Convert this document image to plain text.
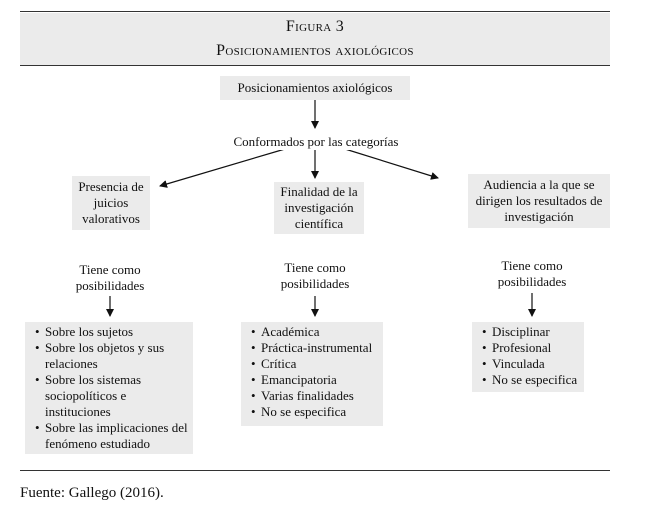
Figura 3
Posicionamientos axiológicos
Posicionamientos axiológicos
Conformados por las categorías
Presencia de juicios valorativos
Finalidad de la investigación científica
Audiencia a la que se dirigen los resultados de investigación
Tiene como posibilidades
Tiene como posibilidades
Tiene como posibilidades
• Sobre los sujetos
• Sobre los objetos y sus relaciones
• Sobre los sistemas sociopolíticos e instituciones
• Sobre las implicaciones del fenómeno estudiado
• Académica
• Práctica-instrumental
• Crítica
• Emancipatoria
• Varias finalidades
• No se especifica
• Disciplinar
• Profesional
• Vinculada
• No se especifica
Fuente: Gallego (2016).
